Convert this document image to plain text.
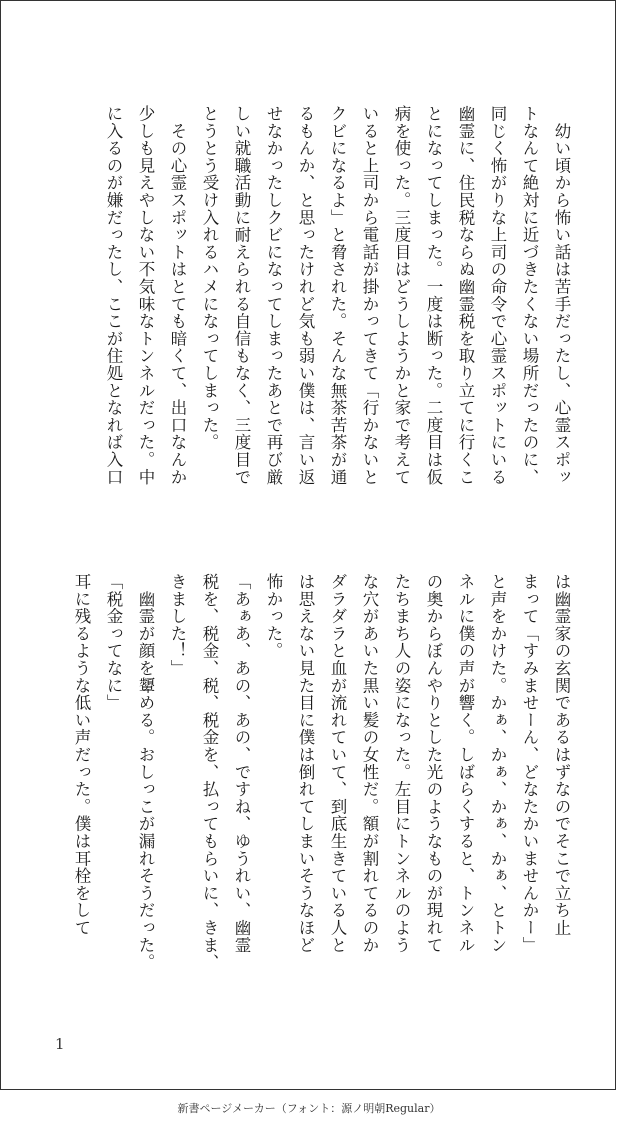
　幼い頃から怖い話は苦手だったし、心霊スポッ
トなんて絶対に近づきたくない場所だったのに、
同じく怖がりな上司の命令で心霊スポットにいる
幽霊に、住民税ならぬ幽霊税を取り立てに行くこ
とになってしまった。一度は断った。二度目は仮
病を使った。三度目はどうしようかと家で考えて
いると上司から電話が掛かってきて「行かないと
クビになるよ」と脅された。そんな無茶苦茶が通
るもんか、と思ったけれど気も弱い僕は、言い返
せなかったしクビになってしまったあとで再び厳
しい就職活動に耐えられる自信もなく、三度目で
とうとう受け入れるハメになってしまった。
　その心霊スポットはとても暗くて、出口なんか
少しも見えやしない不気味なトンネルだった。中
に入るのが嫌だったし、ここが住処となれば入口
は幽霊家の玄関であるはずなのでそこで立ち止
まって「すみませーん、どなたかいませんかー」
と声をかけた。かぁ、かぁ、かぁ、かぁ、とトン
ネルに僕の声が響く。しばらくすると、トンネル
の奥からぼんやりとした光のようなものが現れて
たちまち人の姿になった。左目にトンネルのよう
な穴があいた黒い髪の女性だ。額が割れてるのか
ダラダラと血が流れていて、到底生きている人と
は思えない見た目に僕は倒れてしまいそうなほど
怖かった。
「あぁあ、あの、あの、ですね、ゆうれい、幽霊
税を、税金、税、税金を、払ってもらいに、きま、
きました！」
　幽霊が顔を顰める。おしっこが漏れそうだった。
「税金ってなに」
耳に残るような低い声だった。僕は耳栓をして
1
新書ページメーカー（フォント：源ノ明朝Regular）
